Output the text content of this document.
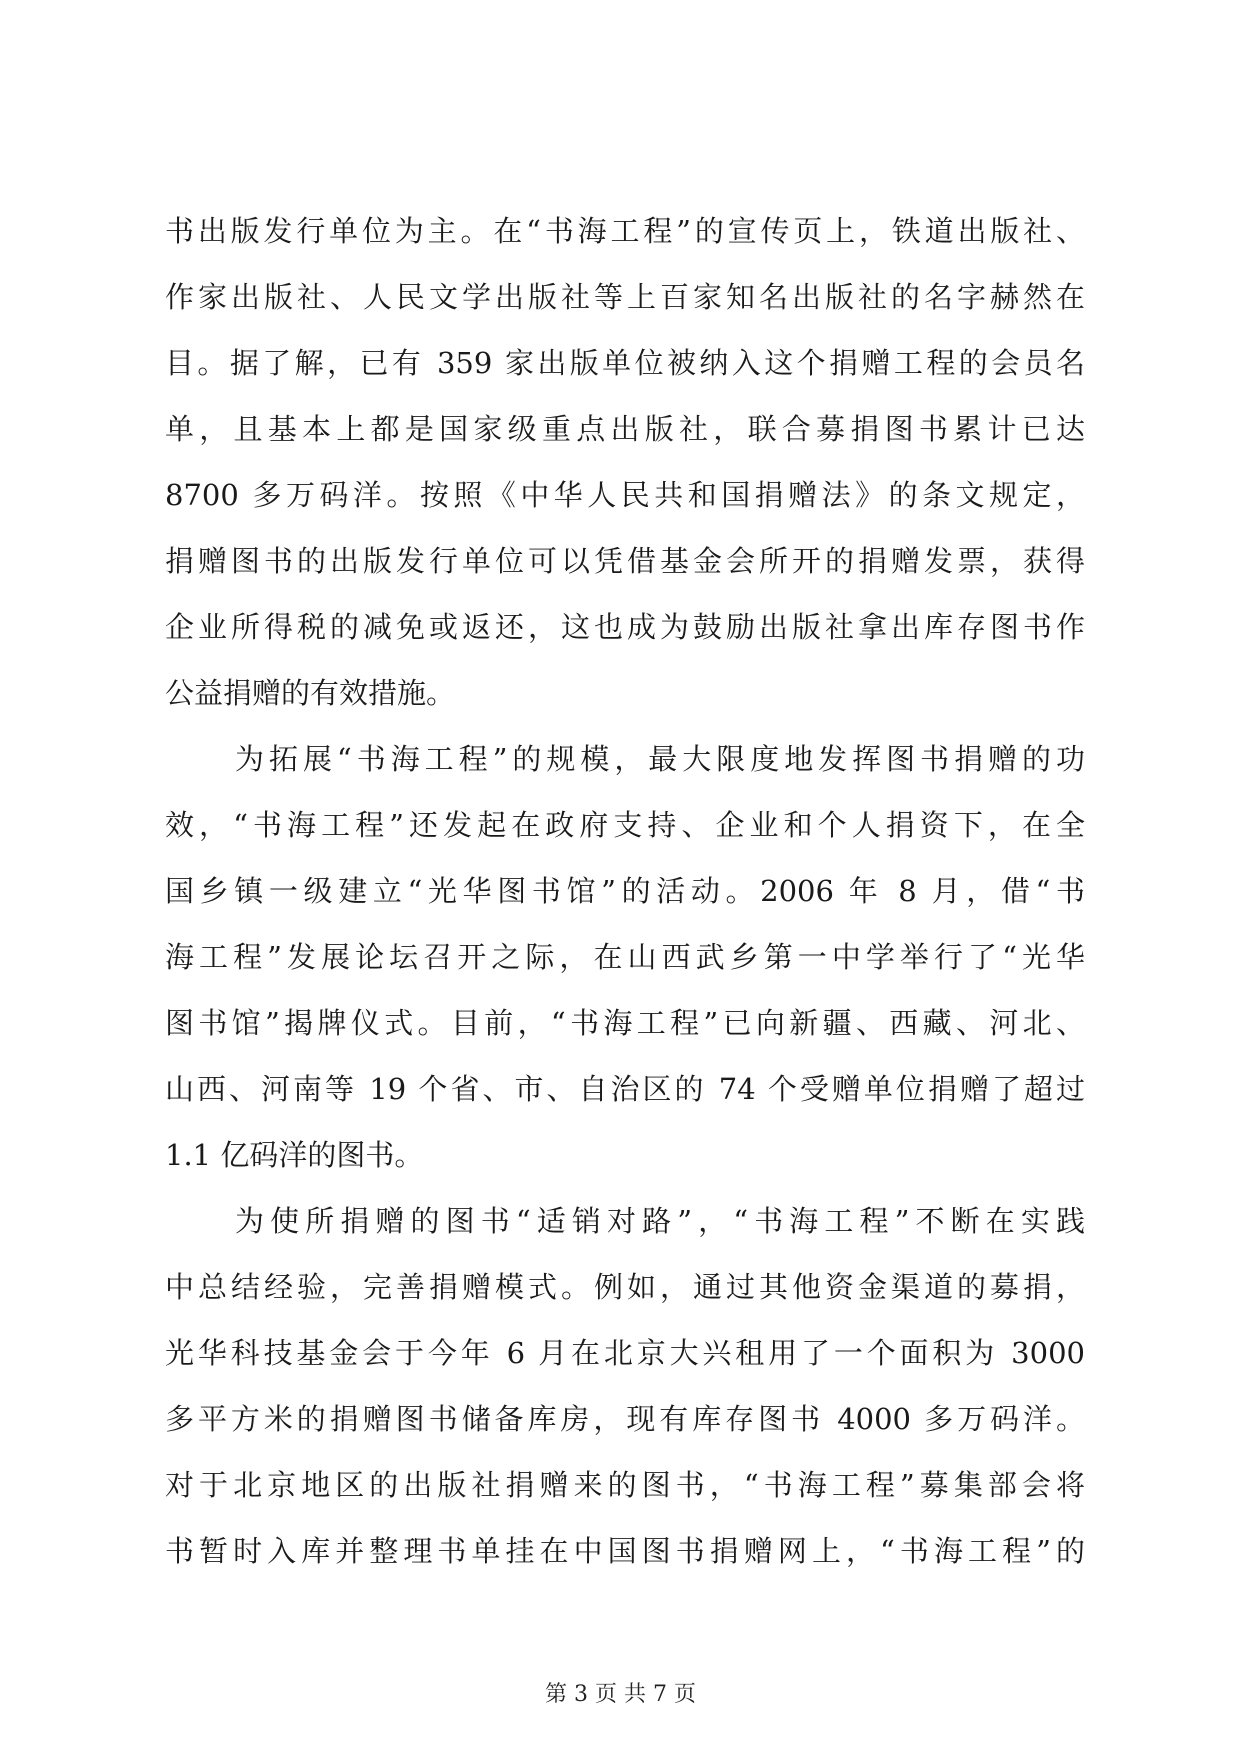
书出版发行单位为主。在“书海工程”的宣传页上，铁道出版社、
作家出版社、人民文学出版社等上百家知名出版社的名字赫然在
目。据了解，已有 359 家出版单位被纳入这个捐赠工程的会员名
单，且基本上都是国家级重点出版社，联合募捐图书累计已达
8700 多万码洋。按照《中华人民共和国捐赠法》的条文规定，
捐赠图书的出版发行单位可以凭借基金会所开的捐赠发票，获得
企业所得税的减免或返还，这也成为鼓励出版社拿出库存图书作
公益捐赠的有效措施。
为拓展“书海工程”的规模，最大限度地发挥图书捐赠的功
效，“书海工程”还发起在政府支持、企业和个人捐资下，在全
国乡镇一级建立“光华图书馆”的活动。2006 年 8 月，借“书
海工程”发展论坛召开之际，在山西武乡第一中学举行了“光华
图书馆”揭牌仪式。目前，“书海工程”已向新疆、西藏、河北、
山西、河南等 19 个省、市、自治区的 74 个受赠单位捐赠了超过
1.1 亿码洋的图书。
为使所捐赠的图书“适销对路”，“书海工程”不断在实践
中总结经验，完善捐赠模式。例如，通过其他资金渠道的募捐，
光华科技基金会于今年 6 月在北京大兴租用了一个面积为 3000
多平方米的捐赠图书储备库房，现有库存图书 4000 多万码洋。
对于北京地区的出版社捐赠来的图书，“书海工程”募集部会将
书暂时入库并整理书单挂在中国图书捐赠网上，“书海工程”的
第 3 页 共 7 页
